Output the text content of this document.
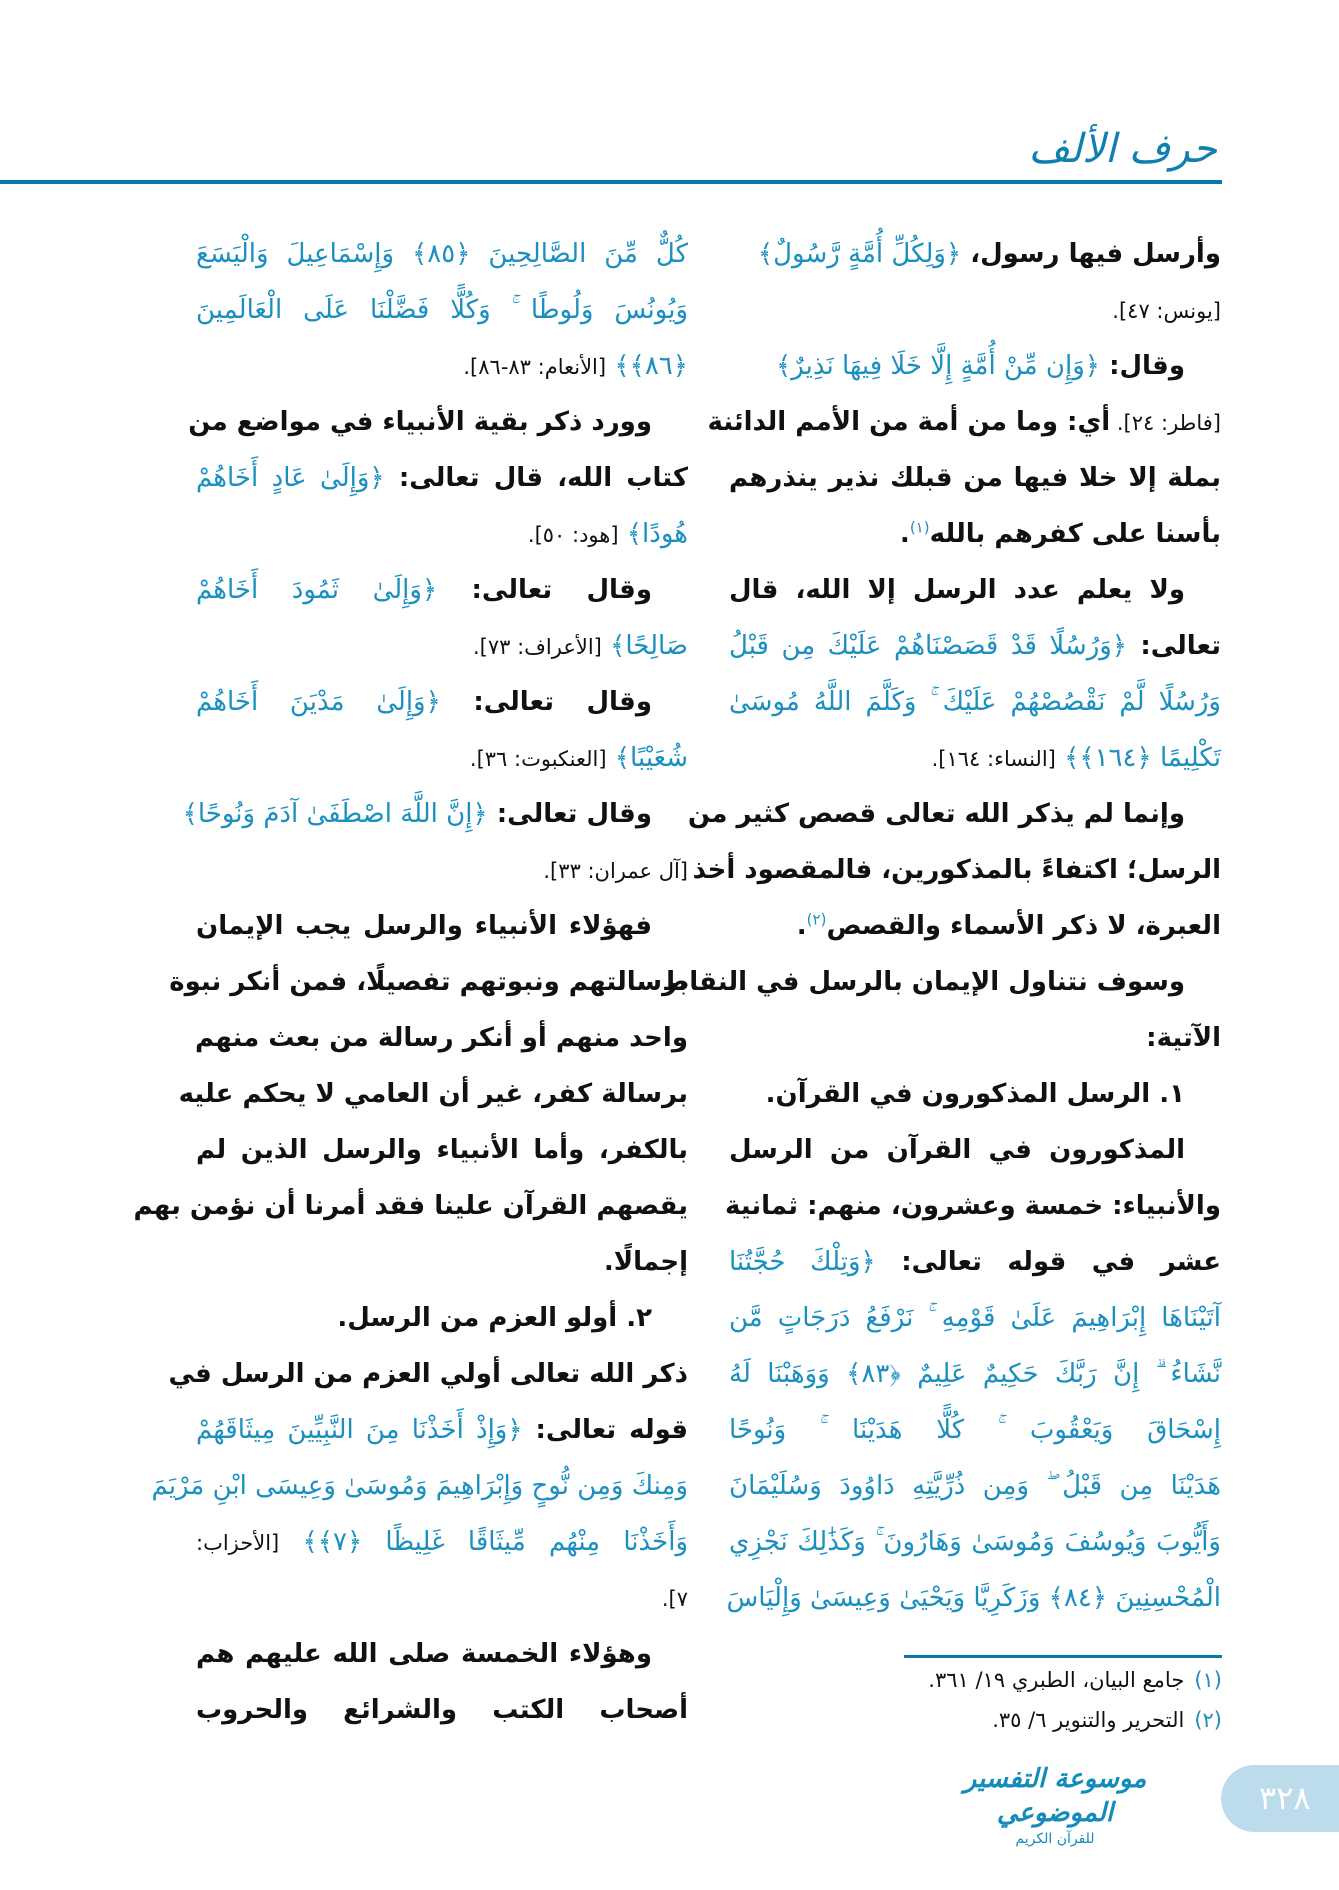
حرف الألف
وأرسل فيها رسول، ﴿وَلِكُلِّ أُمَّةٍ رَّسُولٌ﴾
[يونس: ٤٧].
وقال: ﴿وَإِن مِّنْ أُمَّةٍ إِلَّا خَلَا فِيهَا نَذِيرٌ﴾
[فاطر: ٢٤]. أي: وما من أمة من الأمم الدائنة
بملة إلا خلا فيها من قبلك نذير ينذرهم
بأسنا على كفرهم بالله$^{(١)}$.
ولا يعلم عدد الرسل إلا الله، قال
تعالى: ﴿وَرُسُلًا قَدْ قَصَصْنَاهُمْ عَلَيْكَ مِن قَبْلُ
وَرُسُلًا لَّمْ نَقْصُصْهُمْ عَلَيْكَ ۚ وَكَلَّمَ اللَّهُ مُوسَىٰ
تَكْلِيمًا ﴿١٦٤﴾﴾ [النساء: ١٦٤].
وإنما لم يذكر الله تعالى قصص كثير من
الرسل؛ اكتفاءً بالمذكورين، فالمقصود أخذ
العبرة، لا ذكر الأسماء والقصص$^{(٢)}$.
وسوف نتناول الإيمان بالرسل في النقاط
الآتية:
١. الرسل المذكورون في القرآن.
المذكورون في القرآن من الرسل
والأنبياء: خمسة وعشرون، منهم: ثمانية
عشر في قوله تعالى: ﴿وَتِلْكَ حُجَّتُنَا
آتَيْنَاهَا إِبْرَاهِيمَ عَلَىٰ قَوْمِهِ ۚ نَرْفَعُ دَرَجَاتٍ مَّن
نَّشَاءُ ۗ إِنَّ رَبَّكَ حَكِيمٌ عَلِيمٌ ﴿٨٣﴾ وَوَهَبْنَا لَهُ
إِسْحَاقَ وَيَعْقُوبَ ۚ كُلًّا هَدَيْنَا ۚ وَنُوحًا
هَدَيْنَا مِن قَبْلُ ۖ وَمِن ذُرِّيَّتِهِ دَاوُودَ وَسُلَيْمَانَ
وَأَيُّوبَ وَيُوسُفَ وَمُوسَىٰ وَهَارُونَ ۚ وَكَذَٰلِكَ نَجْزِي
الْمُحْسِنِينَ ﴿٨٤﴾ وَزَكَرِيَّا وَيَحْيَىٰ وَعِيسَىٰ وَإِلْيَاسَ
كُلٌّ مِّنَ الصَّالِحِينَ ﴿٨٥﴾ وَإِسْمَاعِيلَ وَالْيَسَعَ
وَيُونُسَ وَلُوطًا ۚ وَكُلًّا فَضَّلْنَا عَلَى الْعَالَمِينَ
﴿٨٦﴾﴾ [الأنعام: ٨٣-٨٦].
وورد ذكر بقية الأنبياء في مواضع من
كتاب الله، قال تعالى: ﴿وَإِلَىٰ عَادٍ أَخَاهُمْ
هُودًا﴾ [هود: ٥٠].
وقال تعالى: ﴿وَإِلَىٰ ثَمُودَ أَخَاهُمْ
صَالِحًا﴾ [الأعراف: ٧٣].
وقال تعالى: ﴿وَإِلَىٰ مَدْيَنَ أَخَاهُمْ
شُعَيْبًا﴾ [العنكبوت: ٣٦].
وقال تعالى: ﴿إِنَّ اللَّهَ اصْطَفَىٰ آدَمَ وَنُوحًا﴾
[آل عمران: ٣٣].
فهؤلاء الأنبياء والرسل يجب الإيمان
برسالتهم ونبوتهم تفصيلًا، فمن أنكر نبوة
واحد منهم أو أنكر رسالة من بعث منهم
برسالة كفر، غير أن العامي لا يحكم عليه
بالكفر، وأما الأنبياء والرسل الذين لم
يقصهم القرآن علينا فقد أمرنا أن نؤمن بهم
إجمالًا.
٢. أولو العزم من الرسل.
ذكر الله تعالى أولي العزم من الرسل في
قوله تعالى: ﴿وَإِذْ أَخَذْنَا مِنَ النَّبِيِّينَ مِيثَاقَهُمْ
وَمِنكَ وَمِن نُّوحٍ وَإِبْرَاهِيمَ وَمُوسَىٰ وَعِيسَى ابْنِ مَرْيَمَ
وَأَخَذْنَا مِنْهُم مِّيثَاقًا غَلِيظًا ﴿٧﴾﴾ [الأحزاب:
٧].
وهؤلاء الخمسة صلى الله عليهم هم
أصحاب الكتب والشرائع والحروب
(١)جامع البيان، الطبري ١٩/ ٣٦١.
(٢)التحرير والتنوير ٦/ ٣٥.
موسوعة التفسير الموضوعي
للقرآن الكريم
٣٢٨
